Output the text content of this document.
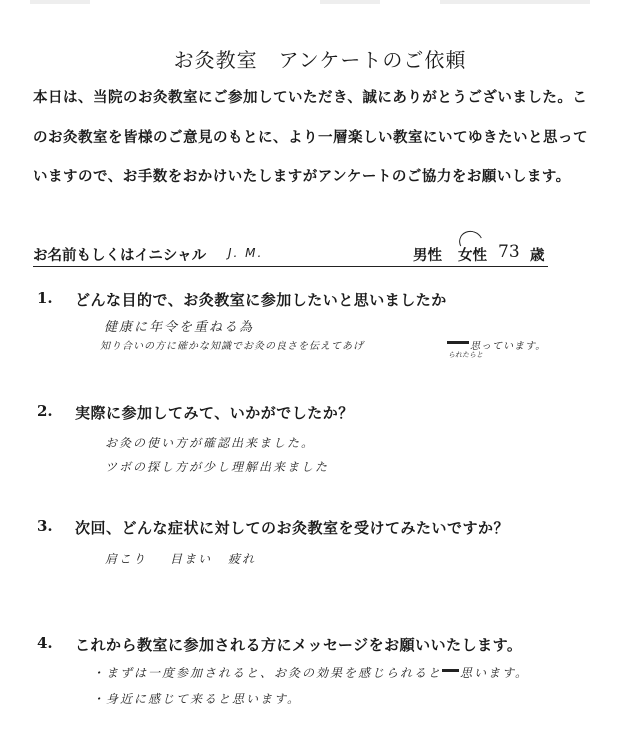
お灸教室　アンケートのご依頼
本日は、当院のお灸教室にご参加していただき、誠にありがとうございました。こ
のお灸教室を皆様のご意見のもとに、より一層楽しい教室にいてゆきたいと思って
いますので、お手数をおかけいたしますがアンケートのご協力をお願いします。
お名前もしくはイニシャル J. M.	男性 女性 73 歳
1. どんな目的で、お灸教室に参加したいと思いましたか
健康に年令を重ねる為
知り合いの方に確かな知識でお灸の良さを伝えてあげ	思っています。
られたらと
2. 実際に参加してみて、いかがでしたか？
お灸の使い方が確認出来ました。
ツボの探し方が少し理解出来ました
3. 次回、どんな症状に対してのお灸教室を受けてみたいですか？
肩こり 目まい 疲れ
4. これから教室に参加される方にメッセージをお願いいたします。
・まずは一度参加されると、お灸の効果を感じられると 思います。
・身近に感じて来ると思います。
